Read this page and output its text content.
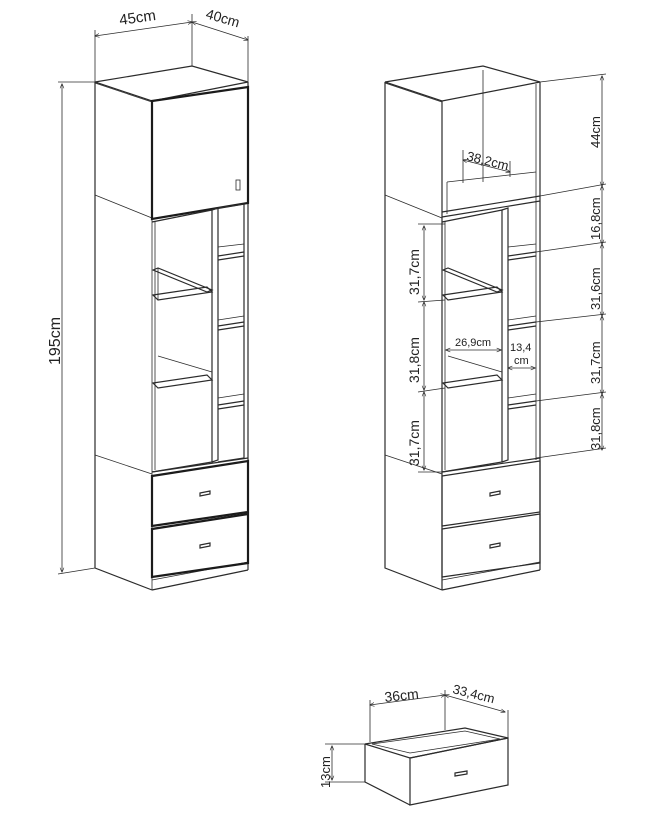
45cm	40cm
195cm
38,2cm
44cm
16,8cm
31,6cm
31,7cm
31,8cm
31,7cm
31,8cm
31,7cm
26,9cm 13,4
cm
36cm 33,4cm
13cm
